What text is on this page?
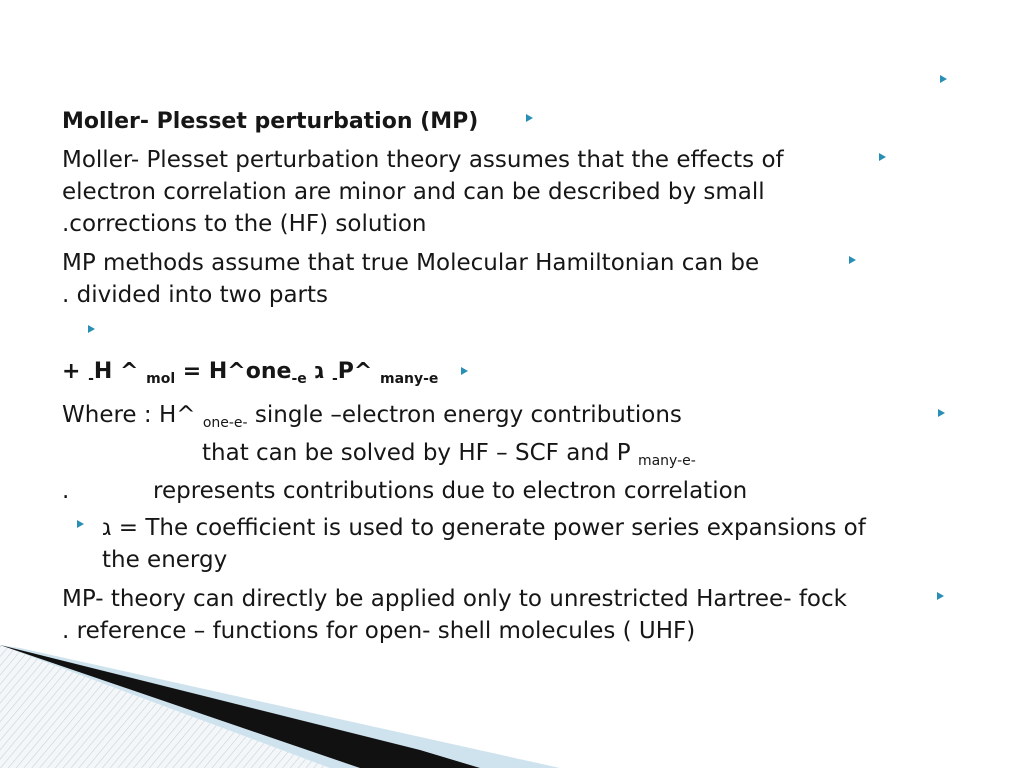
Moller- Plesset perturbation (MP)
Moller- Plesset perturbation theory assumes that the effects of
electron correlation are minor and can be described by small
.corrections to the (HF) solution
MP methods assume that true Molecular Hamiltonian can be
. divided into two parts
+ $_-$H ^ $_{mol}$ = H^one$_{-e}$ ג $_-$P^ $_{many-e}$
Where : H^ $_{one-e-}$ single –electron energy contributions
that can be solved by HF – SCF and P $_{many-e-}$
.	represents contributions due to electron correlation
ג = The coefficient is used to generate power series expansions of
the energy
MP- theory can directly be applied only to unrestricted Hartree- fock
. reference – functions for open- shell molecules ( UHF)
